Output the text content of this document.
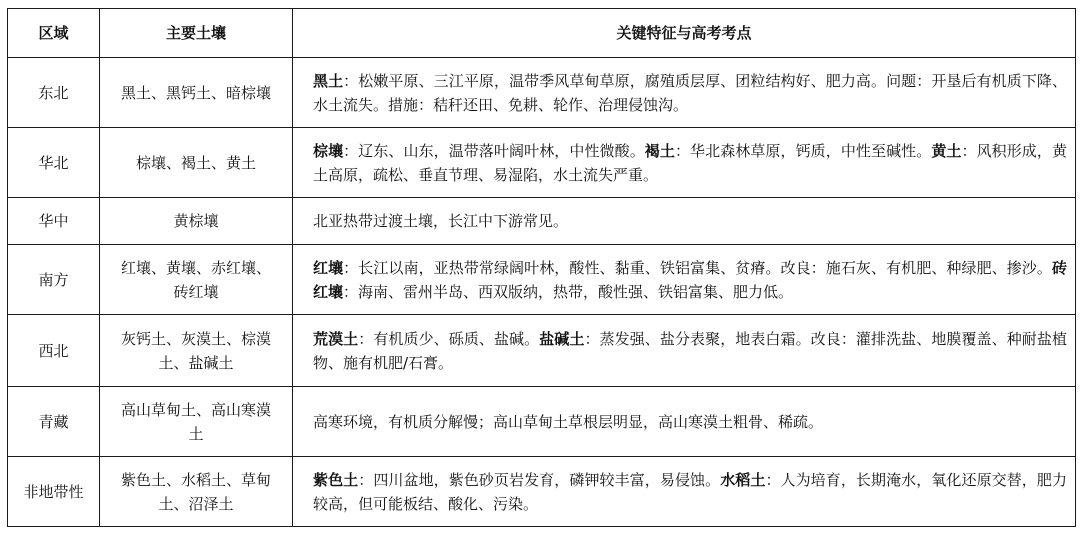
区域	主要土壤	关键特征与高考考点
东北	黑土、黑钙土、暗棕壤	黑土：松嫩平原、三江平原，温带季风草甸草原，腐殖质层厚、团粒结构好、肥力高。问题：开垦后有机质下降、水土流失。措施：秸秆还田、免耕、轮作、治理侵蚀沟。
华北	棕壤、褐土、黄土	棕壤：辽东、山东，温带落叶阔叶林，中性微酸。褐土：华北森林草原，钙质，中性至碱性。黄土：风积形成，黄土高原，疏松、垂直节理、易湿陷，水土流失严重。
华中	黄棕壤	北亚热带过渡土壤，长江中下游常见。
南方	红壤、黄壤、赤红壤、砖红壤	红壤：长江以南，亚热带常绿阔叶林，酸性、黏重、铁铝富集、贫瘠。改良：施石灰、有机肥、种绿肥、掺沙。砖红壤：海南、雷州半岛、西双版纳，热带，酸性强、铁铝富集、肥力低。
西北	灰钙土、灰漠土、棕漠土、盐碱土	荒漠土：有机质少、砾质、盐碱。盐碱土：蒸发强、盐分表聚，地表白霜。改良：灌排洗盐、地膜覆盖、种耐盐植物、施有机肥/石膏。
青藏	高山草甸土、高山寒漠土	高寒环境，有机质分解慢；高山草甸土草根层明显，高山寒漠土粗骨、稀疏。
非地带性	紫色土、水稻土、草甸土、沼泽土	紫色土：四川盆地，紫色砂页岩发育，磷钾较丰富，易侵蚀。水稻土：人为培育，长期淹水，氧化还原交替，肥力较高，但可能板结、酸化、污染。
